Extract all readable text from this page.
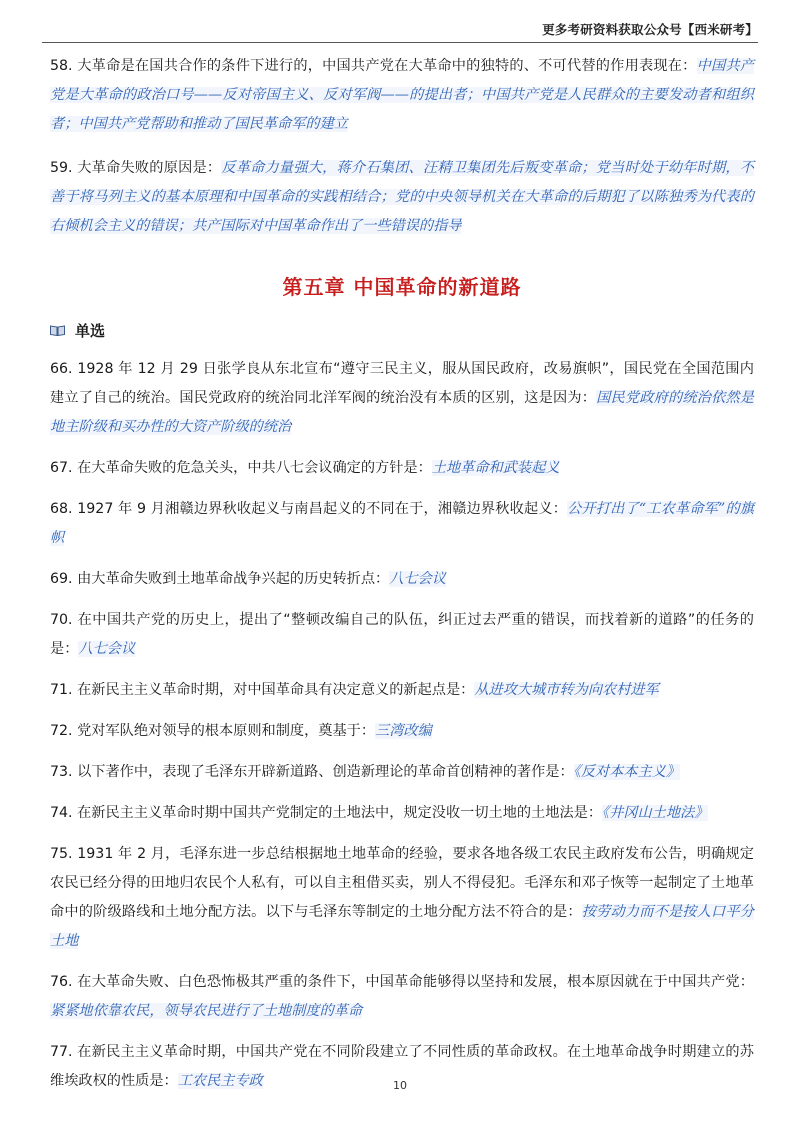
更多考研资料获取公众号【西米研考】

58. 大革命是在国共合作的条件下进行的，中国共产党在大革命中的独特的、不可代替的作用表现在：中国共产党是大革命的政治口号——反对帝国主义、反对军阀——的提出者；中国共产党是人民群众的主要发动者和组织者；中国共产党帮助和推动了国民革命军的建立

59. 大革命失败的原因是：反革命力量强大，蒋介石集团、汪精卫集团先后叛变革命；党当时处于幼年时期，不善于将马列主义的基本原理和中国革命的实践相结合；党的中央领导机关在大革命的后期犯了以陈独秀为代表的右倾机会主义的错误；共产国际对中国革命作出了一些错误的指导

第五章 中国革命的新道路
单选

66. 1928 年 12 月 29 日张学良从东北宣布“遵守三民主义，服从国民政府，改易旗帜”，国民党在全国范围内建立了自己的统治。国民党政府的统治同北洋军阀的统治没有本质的区别，这是因为：国民党政府的统治依然是地主阶级和买办性的大资产阶级的统治

67. 在大革命失败的危急关头，中共八七会议确定的方针是：土地革命和武装起义

68. 1927 年 9 月湘赣边界秋收起义与南昌起义的不同在于，湘赣边界秋收起义：公开打出了“工农革命军”的旗帜

69. 由大革命失败到土地革命战争兴起的历史转折点：八七会议

70. 在中国共产党的历史上，提出了“整顿改编自己的队伍，纠正过去严重的错误，而找着新的道路”的任务的是：八七会议

71. 在新民主主义革命时期，对中国革命具有决定意义的新起点是：从进攻大城市转为向农村进军

72. 党对军队绝对领导的根本原则和制度，奠基于：三湾改编

73. 以下著作中，表现了毛泽东开辟新道路、创造新理论的革命首创精神的著作是：《反对本本主义》

74. 在新民主主义革命时期中国共产党制定的土地法中，规定没收一切土地的土地法是：《井冈山土地法》

75. 1931 年 2 月，毛泽东进一步总结根据地土地革命的经验，要求各地各级工农民主政府发布公告，明确规定农民已经分得的田地归农民个人私有，可以自主租借买卖，别人不得侵犯。毛泽东和邓子恢等一起制定了土地革命中的阶级路线和土地分配方法。以下与毛泽东等制定的土地分配方法不符合的是：按劳动力而不是按人口平分土地

76. 在大革命失败、白色恐怖极其严重的条件下，中国革命能够得以坚持和发展，根本原因就在于中国共产党：紧紧地依靠农民，领导农民进行了土地制度的革命

77. 在新民主主义革命时期，中国共产党在不同阶段建立了不同性质的革命政权。在土地革命战争时期建立的苏维埃政权的性质是：工农民主专政	10
